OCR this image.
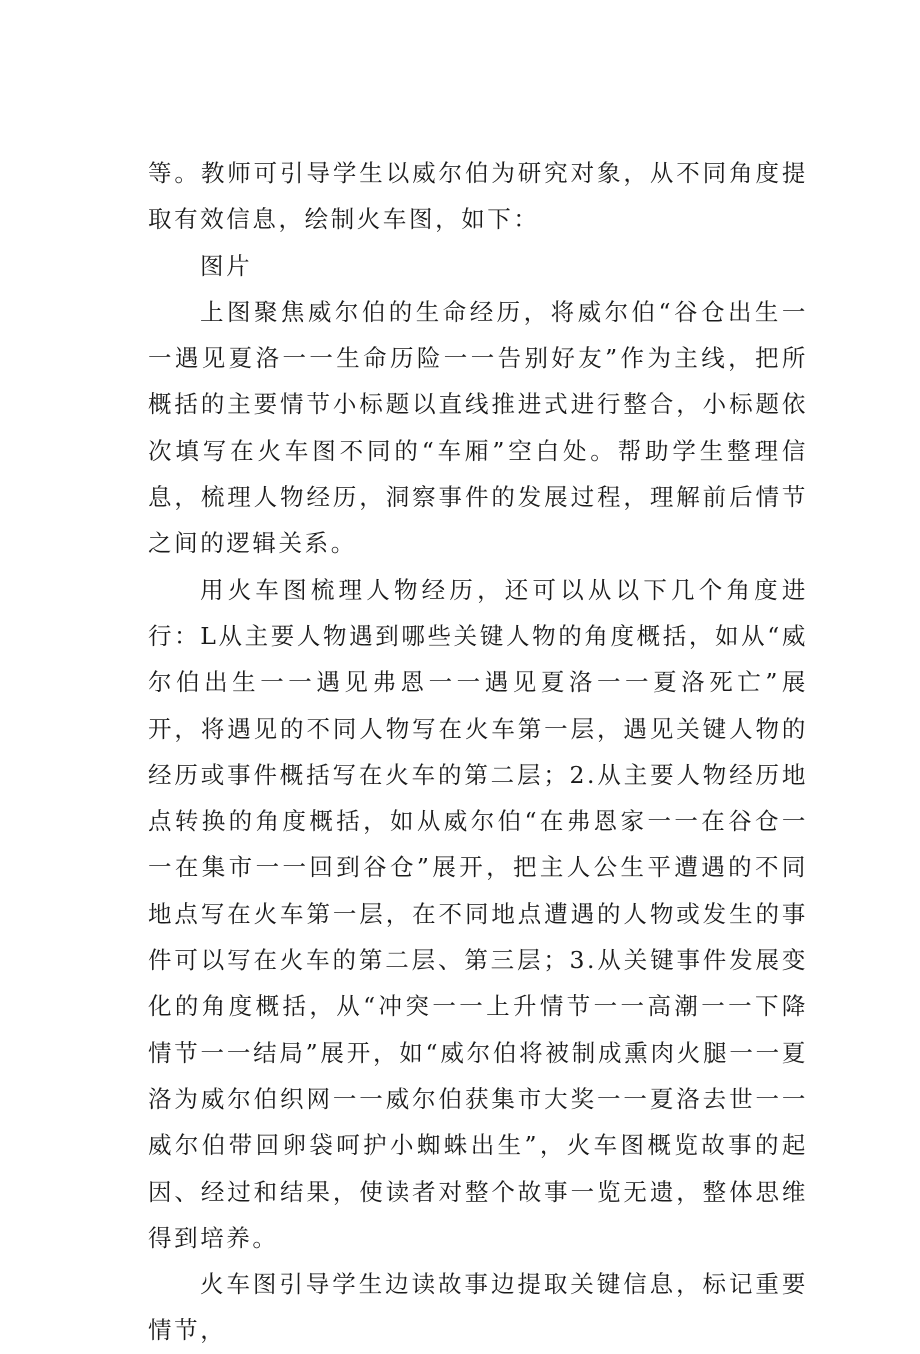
等。教师可引导学生以威尔伯为研究对象，从不同角度提取有效信息，绘制火车图，如下：

图片

上图聚焦威尔伯的生命经历，将威尔伯“谷仓出生一一遇见夏洛一一生命历险一一告别好友”作为主线，把所概括的主要情节小标题以直线推进式进行整合，小标题依次填写在火车图不同的“车厢”空白处。帮助学生整理信息，梳理人物经历，洞察事件的发展过程，理解前后情节之间的逻辑关系。

用火车图梳理人物经历，还可以从以下几个角度进行：L从主要人物遇到哪些关键人物的角度概括，如从“威尔伯出生一一遇见弗恩一一遇见夏洛一一夏洛死亡”展开，将遇见的不同人物写在火车第一层，遇见关键人物的经历或事件概括写在火车的第二层；2.从主要人物经历地点转换的角度概括，如从威尔伯“在弗恩家一一在谷仓一一在集市一一回到谷仓”展开，把主人公生平遭遇的不同地点写在火车第一层，在不同地点遭遇的人物或发生的事件可以写在火车的第二层、第三层；3.从关键事件发展变化的角度概括，从“冲突一一上升情节一一高潮一一下降情节一一结局”展开，如“威尔伯将被制成熏肉火腿一一夏洛为威尔伯织网一一威尔伯获集市大奖一一夏洛去世一一威尔伯带回卵袋呵护小蜘蛛出生”，火车图概览故事的起因、经过和结果，使读者对整个故事一览无遗，整体思维得到培养。

火车图引导学生边读故事边提取关键信息，标记重要情节，
